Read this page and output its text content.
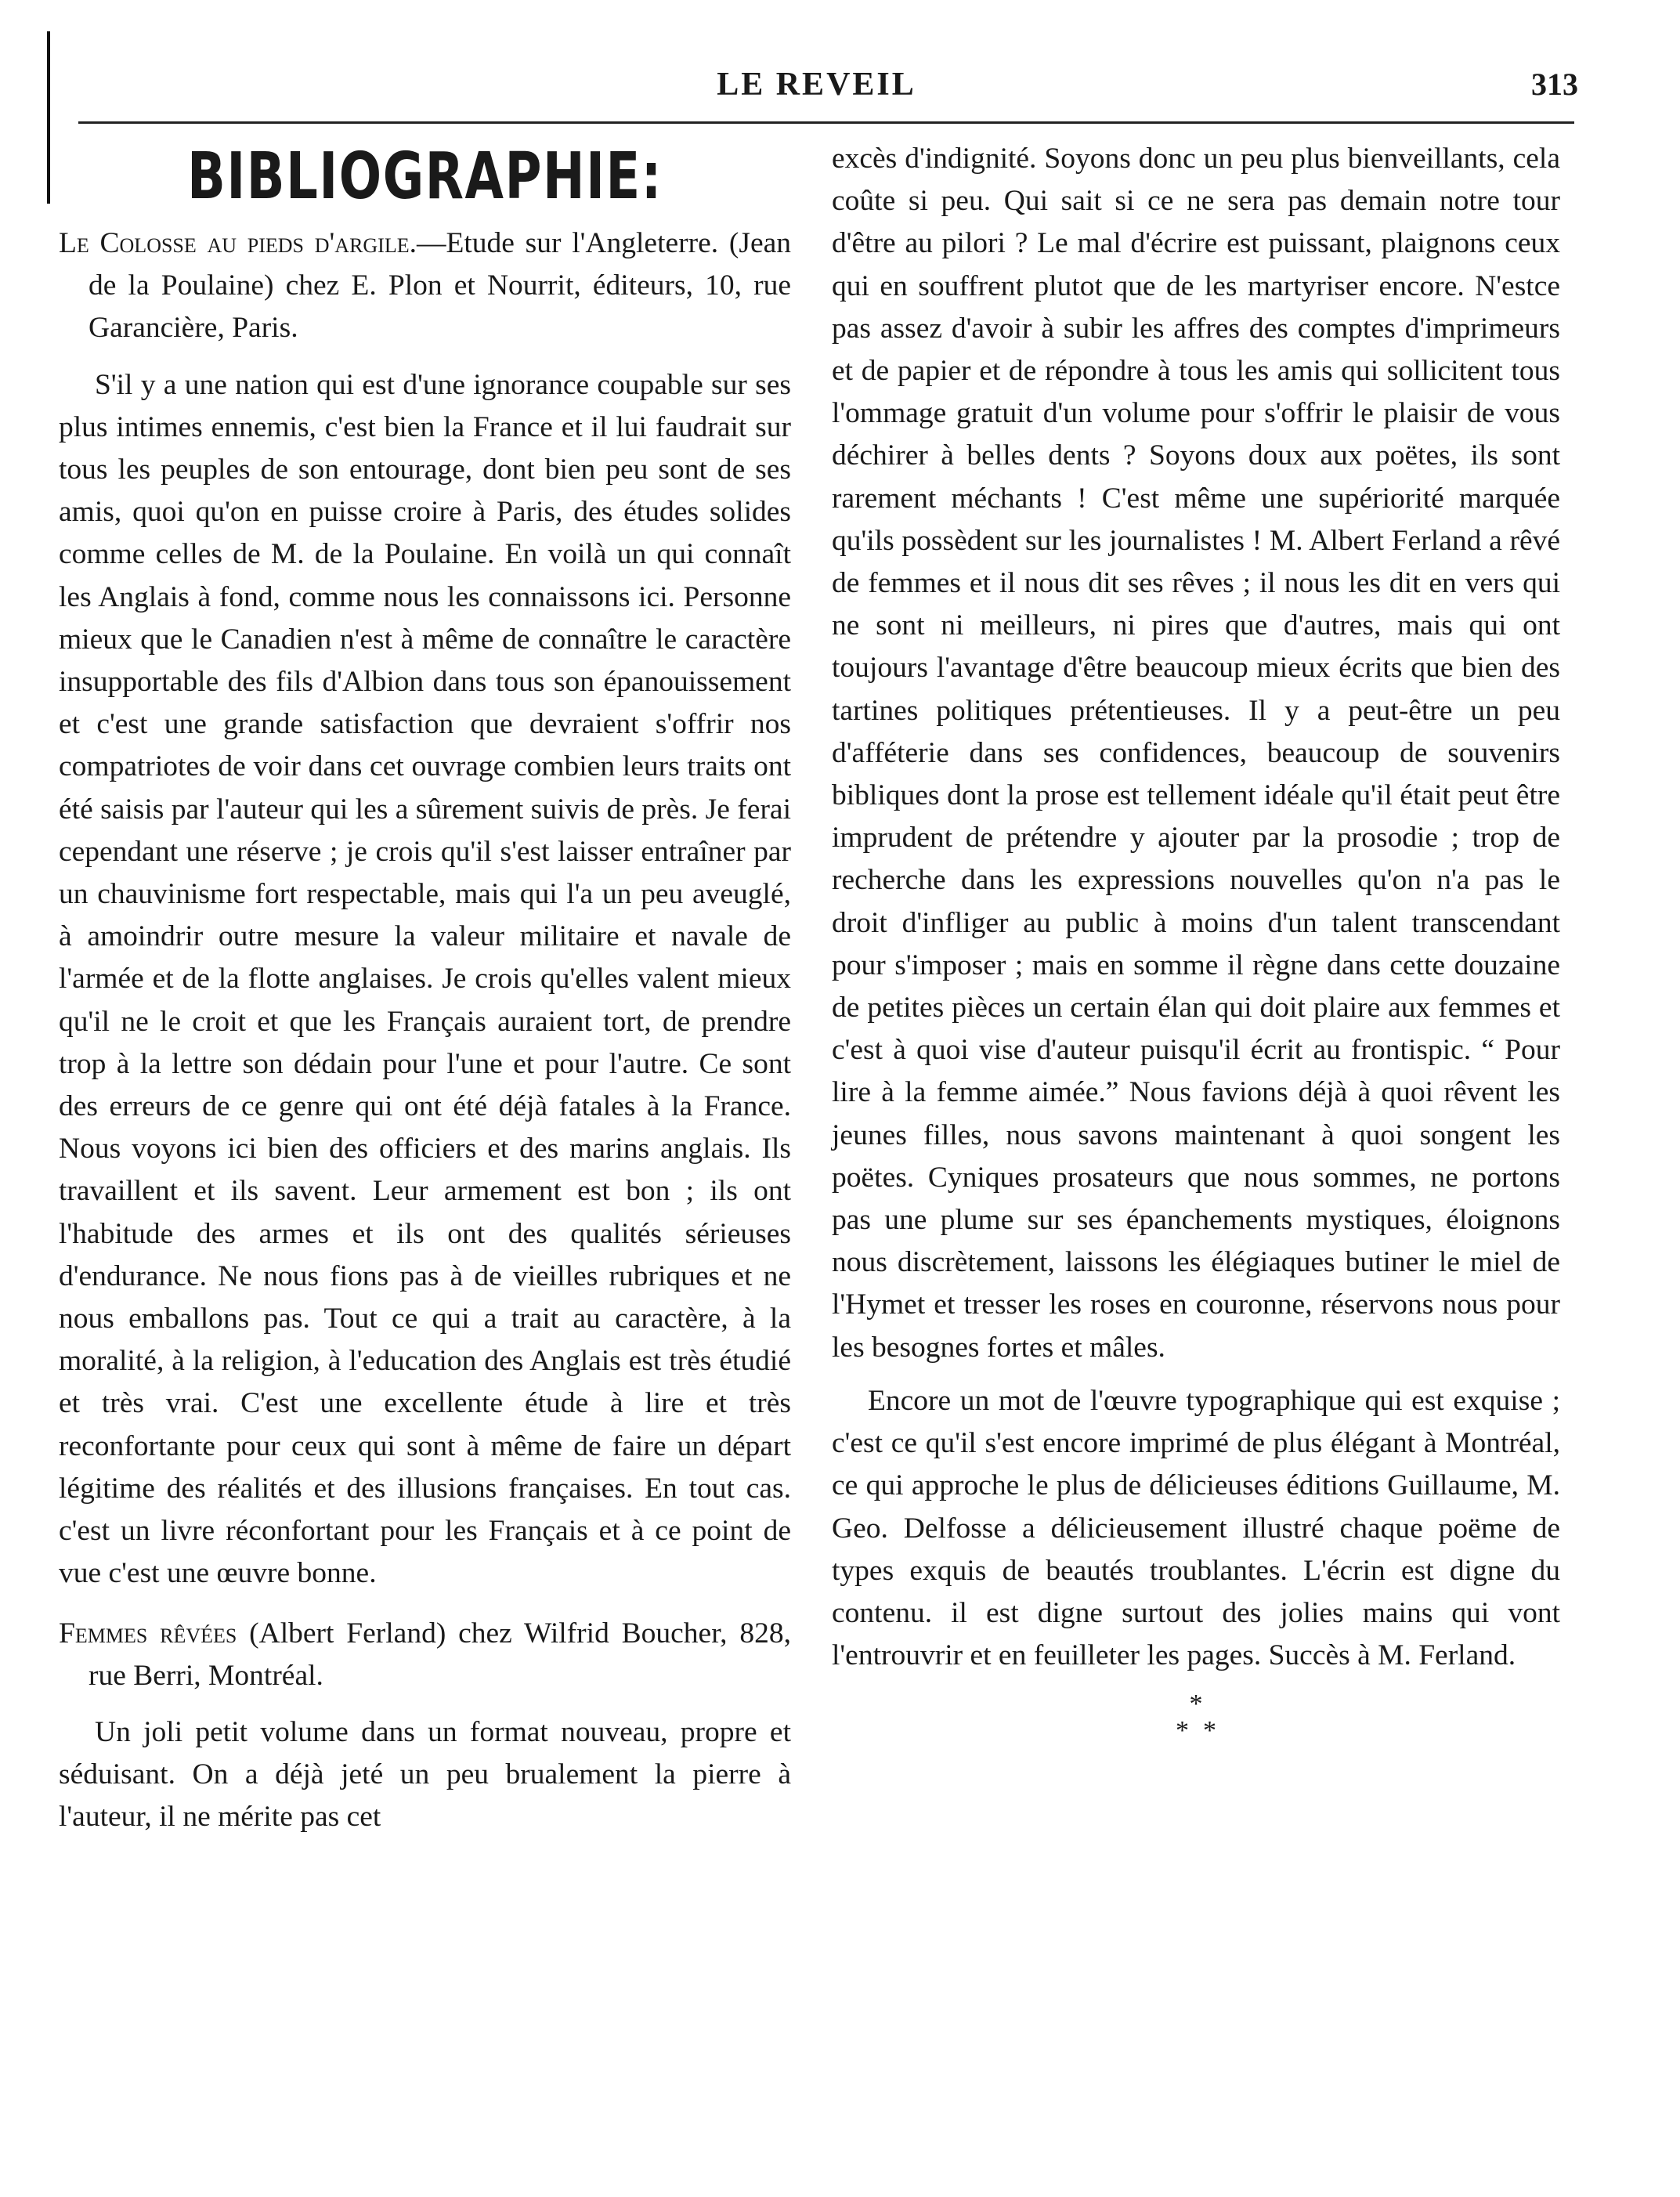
LE REVEIL	313
BIBLIOGRAPHIE:
Le Colosse au pieds d'argile.—Etude sur l'Angleterre. (Jean de la Poulaine) chez E. Plon et Nourrit, éditeurs, 10, rue Garancière, Paris.

S'il y a une nation qui est d'une ignorance coupable sur ses plus intimes ennemis, c'est bien la France et il lui faudrait sur tous les peuples de son entourage, dont bien peu sont de ses amis, quoi qu'on en puisse croire à Paris, des études solides comme celles de M. de la Poulaine. En voilà un qui connaît les Anglais à fond, comme nous les connaissons ici. Personne mieux que le Canadien n'est à même de connaître le caractère insupportable des fils d'Albion dans tous son épanouissement et c'est une grande satisfaction que devraient s'offrir nos compatriotes de voir dans cet ouvrage combien leurs traits ont été saisis par l'auteur qui les a sûrement suivis de près. Je ferai cependant une réserve ; je crois qu'il s'est laisser entraîner par un chauvinisme fort respectable, mais qui l'a un peu aveuglé, à amoindrir outre mesure la valeur militaire et navale de l'armée et de la flotte anglaises. Je crois qu'elles valent mieux qu'il ne le croit et que les Français auraient tort, de prendre trop à la lettre son dédain pour l'une et pour l'autre. Ce sont des erreurs de ce genre qui ont été déjà fatales à la France. Nous voyons ici bien des officiers et des marins anglais. Ils travaillent et ils savent. Leur armement est bon ; ils ont l'habitude des armes et ils ont des qualités sérieuses d'endurance. Ne nous fions pas à de vieilles rubriques et ne nous emballons pas. Tout ce qui a trait au caractère, à la moralité, à la religion, à l'education des Anglais est très étudié et très vrai. C'est une excellente étude à lire et très reconfortante pour ceux qui sont à même de faire un départ légitime des réalités et des illusions françaises. En tout cas. c'est un livre réconfortant pour les Français et à ce point de vue c'est une œuvre bonne.

Femmes rêvées (Albert Ferland) chez Wilfrid Boucher, 828, rue Berri, Montréal.

Un joli petit volume dans un format nouveau, propre et séduisant. On a déjà jeté un peu brualement la pierre à l'auteur, il ne mérite pas cet

excès d'indignité. Soyons donc un peu plus bienveillants, cela coûte si peu. Qui sait si ce ne sera pas demain notre tour d'être au pilori ? Le mal d'écrire est puissant, plaignons ceux qui en souffrent plutot que de les martyriser encore. N'estce pas assez d'avoir à subir les affres des comptes d'imprimeurs et de papier et de répondre à tous les amis qui sollicitent tous l'ommage gratuit d'un volume pour s'offrir le plaisir de vous déchirer à belles dents ? Soyons doux aux poëtes, ils sont rarement méchants ! C'est même une supériorité marquée qu'ils possèdent sur les journalistes ! M. Albert Ferland a rêvé de femmes et il nous dit ses rêves ; il nous les dit en vers qui ne sont ni meilleurs, ni pires que d'autres, mais qui ont toujours l'avantage d'être beaucoup mieux écrits que bien des tartines politiques prétentieuses. Il y a peut-être un peu d'afféterie dans ses confidences, beaucoup de souvenirs bibliques dont la prose est tellement idéale qu'il était peut être imprudent de prétendre y ajouter par la prosodie ; trop de recherche dans les expressions nouvelles qu'on n'a pas le droit d'infliger au public à moins d'un talent transcendant pour s'imposer ; mais en somme il règne dans cette douzaine de petites pièces un certain élan qui doit plaire aux femmes et c'est à quoi vise d'auteur puisqu'il écrit au frontispic. “ Pour lire à la femme aimée.” Nous favions déjà à quoi rêvent les jeunes filles, nous savons maintenant à quoi songent les poëtes. Cyniques prosateurs que nous sommes, ne portons pas une plume sur ses épanchements mystiques, éloignons nous discrètement, laissons les élégiaques butiner le miel de l'Hymet et tresser les roses en couronne, réservons nous pour les besognes fortes et mâles.

Encore un mot de l'œuvre typographique qui est exquise ; c'est ce qu'il s'est encore imprimé de plus élégant à Montréal, ce qui approche le plus de délicieuses éditions Guillaume, M. Geo. Delfosse a délicieusement illustré chaque poëme de types exquis de beautés troublantes. L'écrin est digne du contenu. il est digne surtout des jolies mains qui vont l'entrouvrir et en feuilleter les pages. Succès à M. Ferland.

*
**
